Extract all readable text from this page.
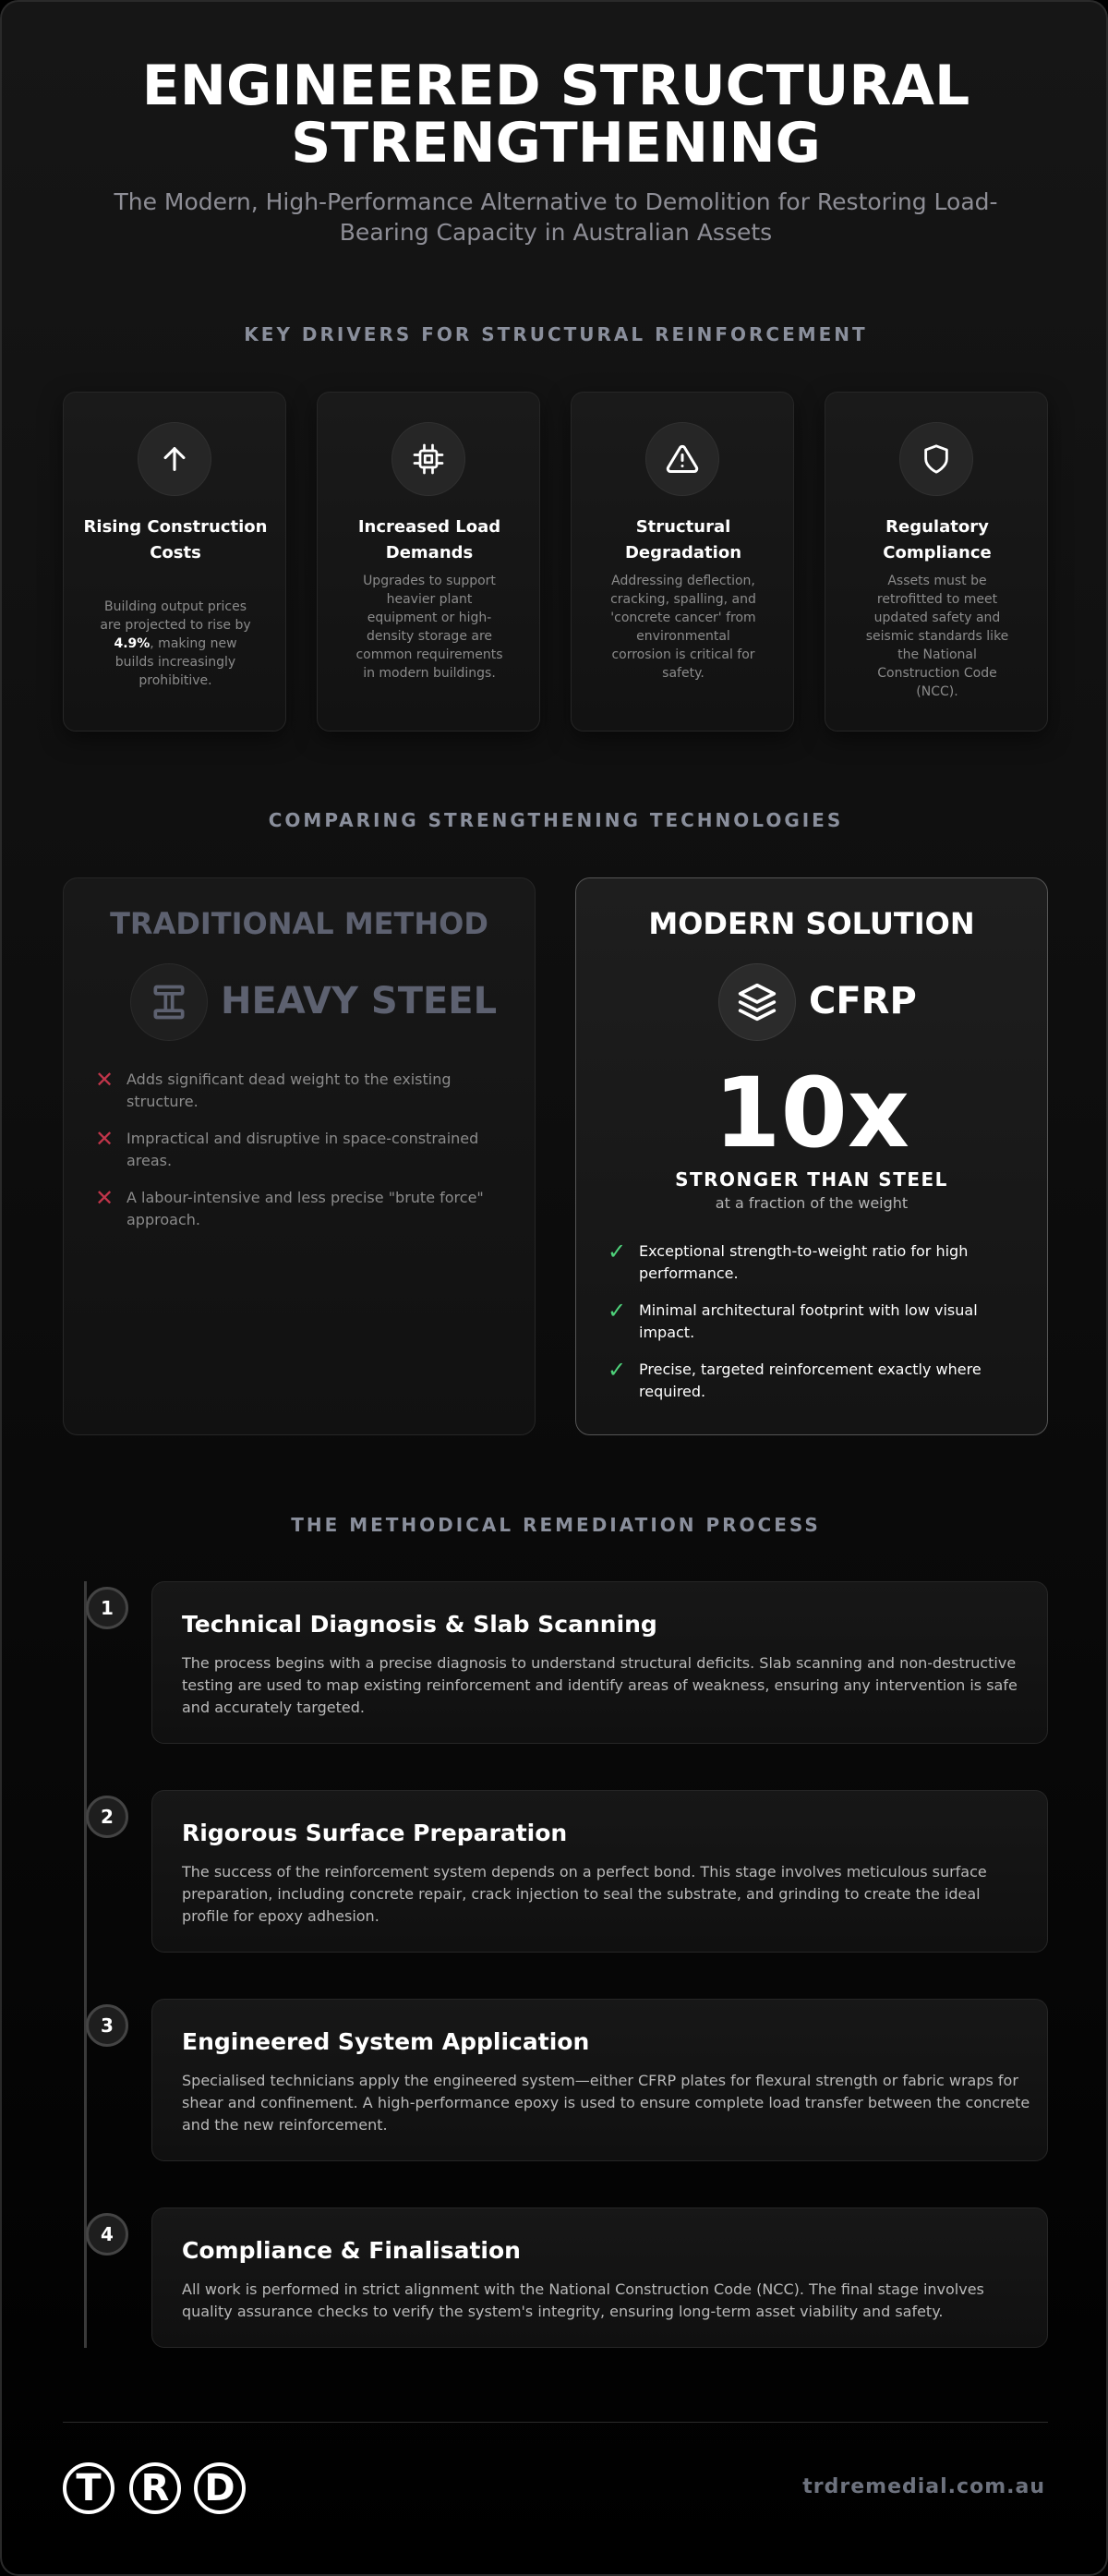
ENGINEERED STRUCTURAL
STRENGTHENING

The Modern, High-Performance Alternative to Demolition for Restoring Load-Bearing Capacity in Australian Assets

KEY DRIVERS FOR STRUCTURAL REINFORCEMENT
Rising Construction Costs
Building output prices are projected to rise by 4.9%, making new builds increasingly prohibitive.
Increased Load Demands
Upgrades to support heavier plant equipment or high-density storage are common requirements in modern buildings.
Structural Degradation
Addressing deflection, cracking, spalling, and 'concrete cancer' from environmental corrosion is critical for safety.
Regulatory Compliance
Assets must be retrofitted to meet updated safety and seismic standards like the National Construction Code (NCC).
COMPARING STRENGTHENING TECHNOLOGIES
TRADITIONAL METHOD
HEAVY STEEL
✕ Adds significant dead weight to the existing structure.
✕ Impractical and disruptive in space-constrained areas.
✕ A labour-intensive and less precise "brute force" approach.
MODERN SOLUTION
CFRP
10x
STRONGER THAN STEEL
at a fraction of the weight
✓ Exceptional strength-to-weight ratio for high performance.
✓ Minimal architectural footprint with low visual impact.
✓ Precise, targeted reinforcement exactly where required.
THE METHODICAL REMEDIATION PROCESS
1
Technical Diagnosis & Slab Scanning
The process begins with a precise diagnosis to understand structural deficits. Slab scanning and non-destructive testing are used to map existing reinforcement and identify areas of weakness, ensuring any intervention is safe and accurately targeted.
2
Rigorous Surface Preparation
The success of the reinforcement system depends on a perfect bond. This stage involves meticulous surface preparation, including concrete repair, crack injection to seal the substrate, and grinding to create the ideal profile for epoxy adhesion.
3
Engineered System Application
Specialised technicians apply the engineered system—either CFRP plates for flexural strength or fabric wraps for shear and confinement. A high-performance epoxy is used to ensure complete load transfer between the concrete and the new reinforcement.
4
Compliance & Finalisation
All work is performed in strict alignment with the National Construction Code (NCC). The final stage involves quality assurance checks to verify the system's integrity, ensuring long-term asset viability and safety.
T	R D	trdremedial.com.au
